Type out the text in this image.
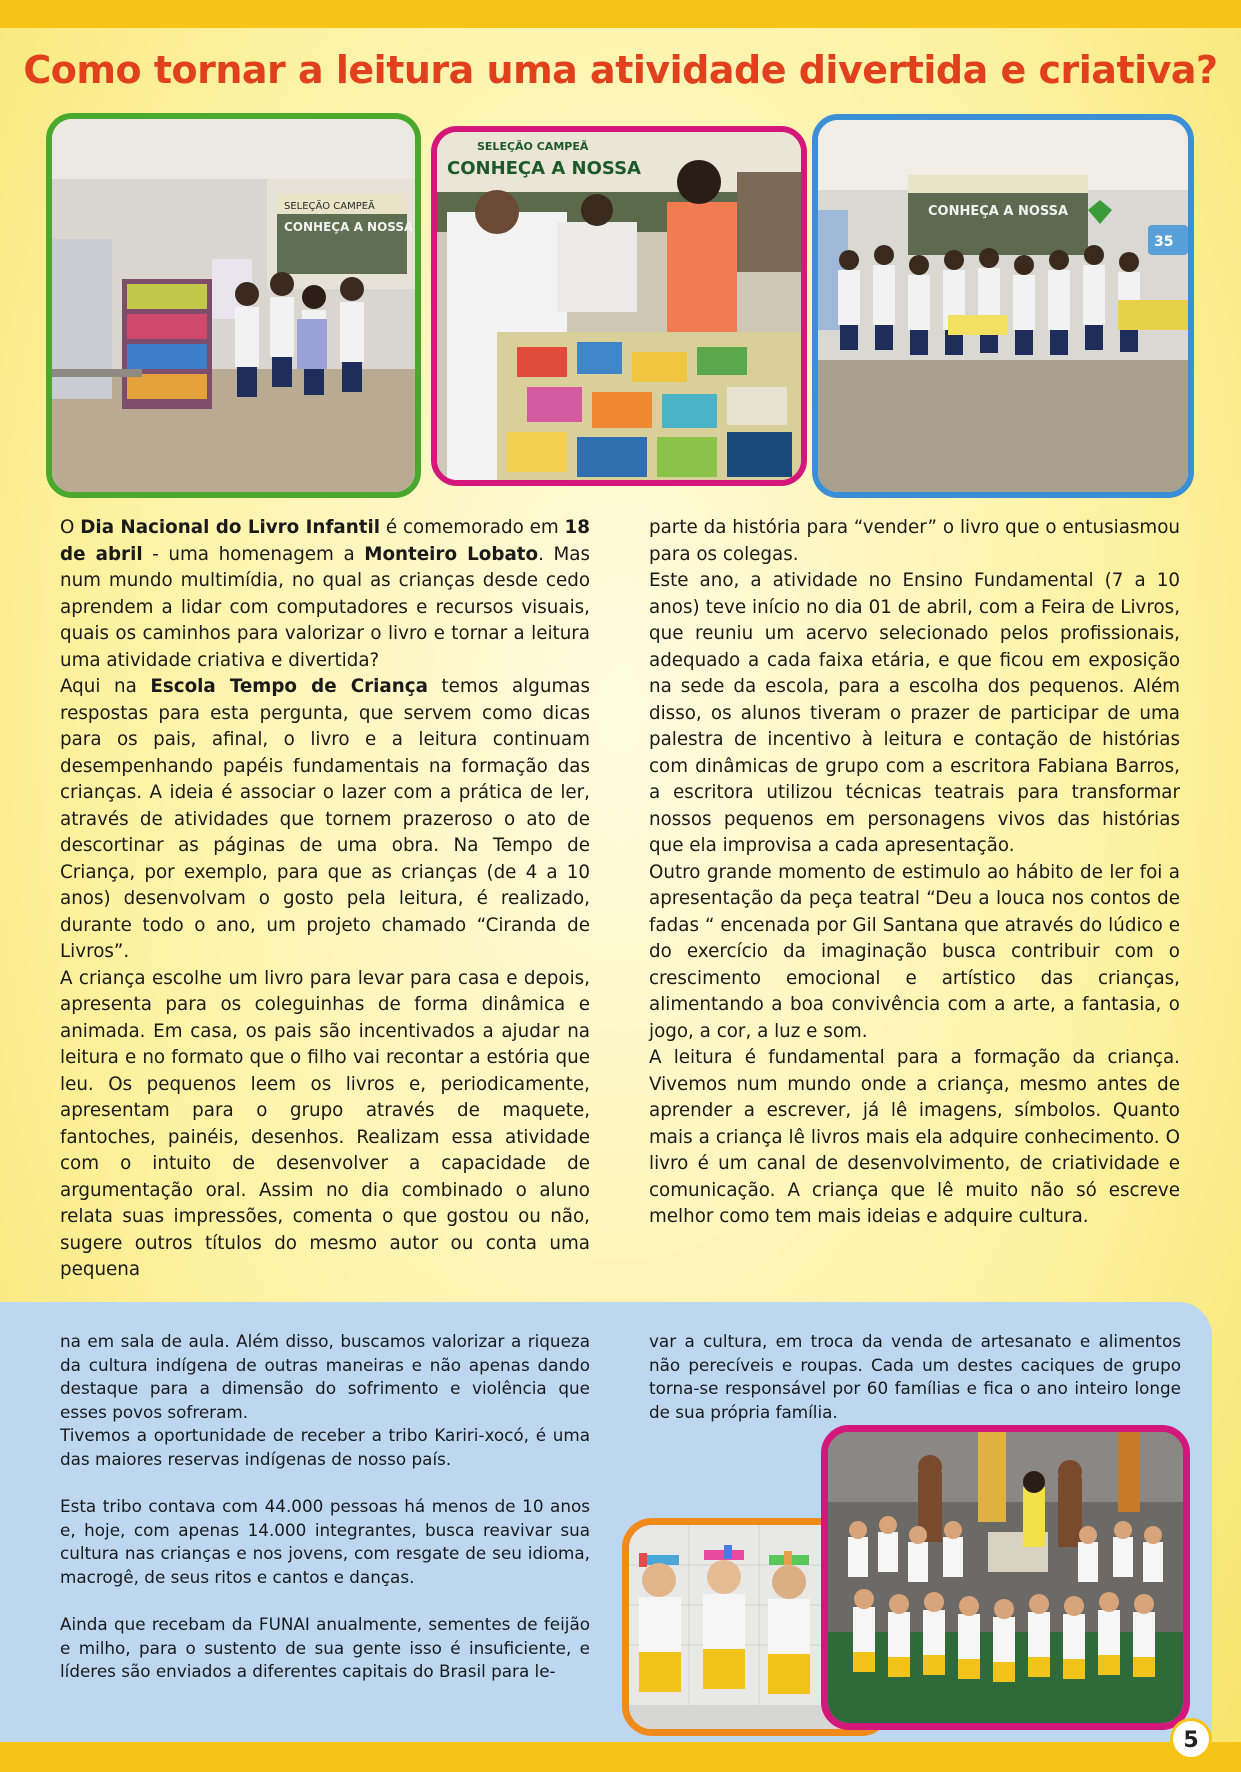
Como tornar a leitura uma atividade divertida e criativa?
SELEÇÃO CAMPEÃ
CONHEÇA A NOSSA
SELEÇÃO CAMPEÃ
CONHEÇA A NOSSA
CONHEÇA A NOSSA
35

O Dia Nacional do Livro Infantil é comemorado em 18 de abril - uma homenagem a Monteiro Lobato. Mas num mundo multimídia, no qual as crianças desde cedo aprendem a lidar com computadores e recursos visuais, quais os caminhos para valorizar o livro e tornar a leitura uma atividade criativa e divertida?

Aqui na Escola Tempo de Criança temos algumas respostas para esta pergunta, que servem como dicas para os pais, afinal, o livro e a leitura continuam desempenhando papéis fundamentais na formação das crianças. A ideia é associar o lazer com a prática de ler, através de atividades que tornem prazeroso o ato de descortinar as páginas de uma obra. Na Tempo de Criança, por exemplo, para que as crianças (de 4 a 10 anos) desenvolvam o gosto pela leitura, é realizado, durante todo o ano, um projeto chamado “Ciranda de Livros”.

A criança escolhe um livro para levar para casa e depois, apresenta para os coleguinhas de forma dinâmica e animada. Em casa, os pais são incentivados a ajudar na leitura e no formato que o filho vai recontar a estória que leu. Os pequenos leem os livros e, periodicamente, apresentam para o grupo através de maquete, fantoches, painéis, desenhos. Realizam essa atividade com o intuito de desenvolver a capacidade de argumentação oral. Assim no dia combinado o aluno relata suas impressões, comenta o que gostou ou não, sugere outros títulos do mesmo autor ou conta uma pequena

parte da história para “vender” o livro que o entusiasmou para os colegas.

Este ano, a atividade no Ensino Fundamental (7 a 10 anos) teve início no dia 01 de abril, com a Feira de Livros, que reuniu um acervo selecionado pelos profissionais, adequado a cada faixa etária, e que ficou em exposição na sede da escola, para a escolha dos pequenos. Além disso, os alunos tiveram o prazer de participar de uma palestra de incentivo à leitura e contação de histórias com dinâmicas de grupo com a escritora Fabiana Barros, a escritora utilizou técnicas teatrais para transformar nossos pequenos em personagens vivos das histórias que ela improvisa a cada apresentação.

Outro grande momento de estimulo ao hábito de ler foi a apresentação da peça teatral “Deu a louca nos contos de fadas “ encenada por Gil Santana que através do lúdico e do exercício da imaginação busca contribuir com o crescimento emocional e artístico das crianças, alimentando a boa convivência com a arte, a fantasia, o jogo, a cor, a luz e som.

A leitura é fundamental para a formação da criança. Vivemos num mundo onde a criança, mesmo antes de aprender a escrever, já lê imagens, símbolos. Quanto mais a criança lê livros mais ela adquire conhecimento. O livro é um canal de desenvolvimento, de criatividade e comunicação. A criança que lê muito não só escreve melhor como tem mais ideias e adquire cultura.

na em sala de aula. Além disso, buscamos valorizar a riqueza da cultura indígena de outras maneiras e não apenas dando destaque para a dimensão do sofrimento e violência que esses povos sofreram.

Tivemos a oportunidade de receber a tribo Kariri-xocó, é uma das maiores reservas indígenas de nosso país.

Esta tribo contava com 44.000 pessoas há menos de 10 anos e, hoje, com apenas 14.000 integrantes, busca reavivar sua cultura nas crianças e nos jovens, com resgate de seu idioma, macrogê, de seus ritos e cantos e danças.

Ainda que recebam da FUNAI anualmente, sementes de feijão e milho, para o sustento de sua gente isso é insuficiente, e líderes são enviados a diferentes capitais do Brasil para le-

var a cultura, em troca da venda de artesanato e alimentos não perecíveis e roupas. Cada um destes caciques de grupo torna-se responsável por 60 famílias e fica o ano inteiro longe de sua própria família.

5
